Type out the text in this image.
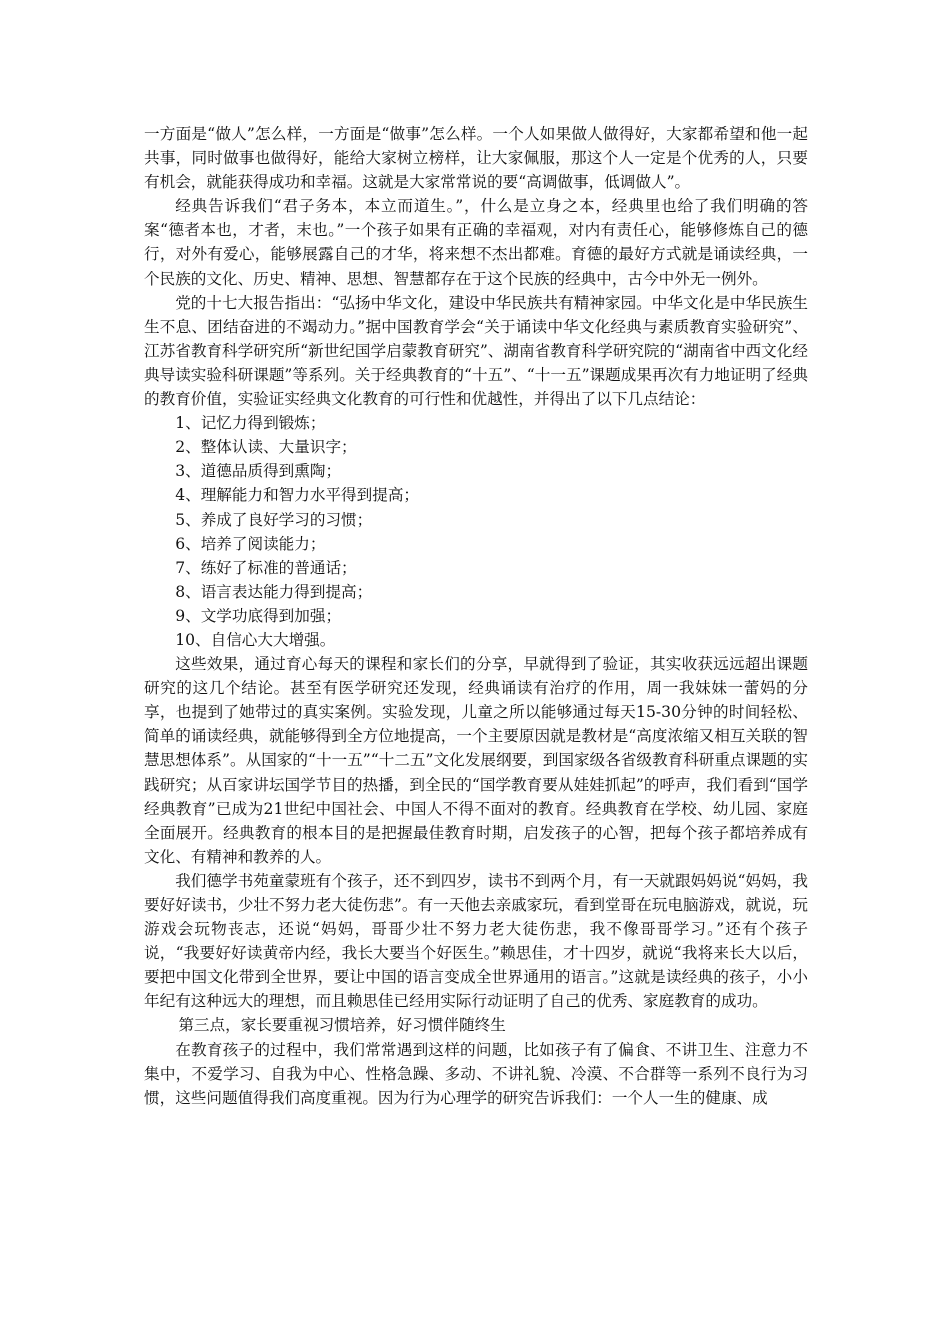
一方面是“做人”怎么样，一方面是“做事”怎么样。一个人如果做人做得好，大家都希望和他一起共事，同时做事也做得好，能给大家树立榜样，让大家佩服，那这个人一定是个优秀的人，只要有机会，就能获得成功和幸福。这就是大家常常说的要“高调做事，低调做人”。

经典告诉我们“君子务本，本立而道生。”，什么是立身之本，经典里也给了我们明确的答案“德者本也，才者，末也。”一个孩子如果有正确的幸福观，对内有责任心，能够修炼自己的德行，对外有爱心，能够展露自己的才华，将来想不杰出都难。育德的最好方式就是诵读经典，一个民族的文化、历史、精神、思想、智慧都存在于这个民族的经典中，古今中外无一例外。

党的十七大报告指出：“弘扬中华文化，建设中华民族共有精神家园。中华文化是中华民族生生不息、团结奋进的不竭动力。”据中国教育学会“关于诵读中华文化经典与素质教育实验研究”、江苏省教育科学研究所“新世纪国学启蒙教育研究”、湖南省教育科学研究院的“湖南省中西文化经典导读实验科研课题”等系列。关于经典教育的“十五”、“十一五”课题成果再次有力地证明了经典的教育价值，实验证实经典文化教育的可行性和优越性，并得出了以下几点结论：

1、记忆力得到锻炼；

2、整体认读、大量识字；

3、道德品质得到熏陶；

4、理解能力和智力水平得到提高；

5、养成了良好学习的习惯；

6、培养了阅读能力；

7、练好了标准的普通话；

8、语言表达能力得到提高；

9、文学功底得到加强；

10、自信心大大增强。

这些效果，通过育心每天的课程和家长们的分享，早就得到了验证，其实收获远远超出课题研究的这几个结论。甚至有医学研究还发现，经典诵读有治疗的作用，周一我妹妹一蕾妈的分享，也提到了她带过的真实案例。实验发现，儿童之所以能够通过每天15-30分钟的时间轻松、简单的诵读经典，就能够得到全方位地提高，一个主要原因就是教材是“高度浓缩又相互关联的智慧思想体系”。从国家的“十一五”“十二五”文化发展纲要，到国家级各省级教育科研重点课题的实践研究；从百家讲坛国学节目的热播，到全民的“国学教育要从娃娃抓起”的呼声，我们看到“国学经典教育”已成为21世纪中国社会、中国人不得不面对的教育。经典教育在学校、幼儿园、家庭全面展开。经典教育的根本目的是把握最佳教育时期，启发孩子的心智，把每个孩子都培养成有文化、有精神和教养的人。

我们德学书苑童蒙班有个孩子，还不到四岁，读书不到两个月，有一天就跟妈妈说“妈妈，我要好好读书，少壮不努力老大徒伤悲”。有一天他去亲戚家玩，看到堂哥在玩电脑游戏，就说，玩游戏会玩物丧志，还说“妈妈，哥哥少壮不努力老大徒伤悲，我不像哥哥学习。”还有个孩子说，“我要好好读黄帝内经，我长大要当个好医生。”赖思佳，才十四岁，就说“我将来长大以后，要把中国文化带到全世界，要让中国的语言变成全世界通用的语言。”这就是读经典的孩子，小小年纪有这种远大的理想，而且赖思佳已经用实际行动证明了自己的优秀、家庭教育的成功。

第三点，家长要重视习惯培养，好习惯伴随终生

在教育孩子的过程中，我们常常遇到这样的问题，比如孩子有了偏食、不讲卫生、注意力不集中，不爱学习、自我为中心、性格急躁、多动、不讲礼貌、冷漠、不合群等一系列不良行为习惯，这些问题值得我们高度重视。因为行为心理学的研究告诉我们：一个人一生的健康、成
